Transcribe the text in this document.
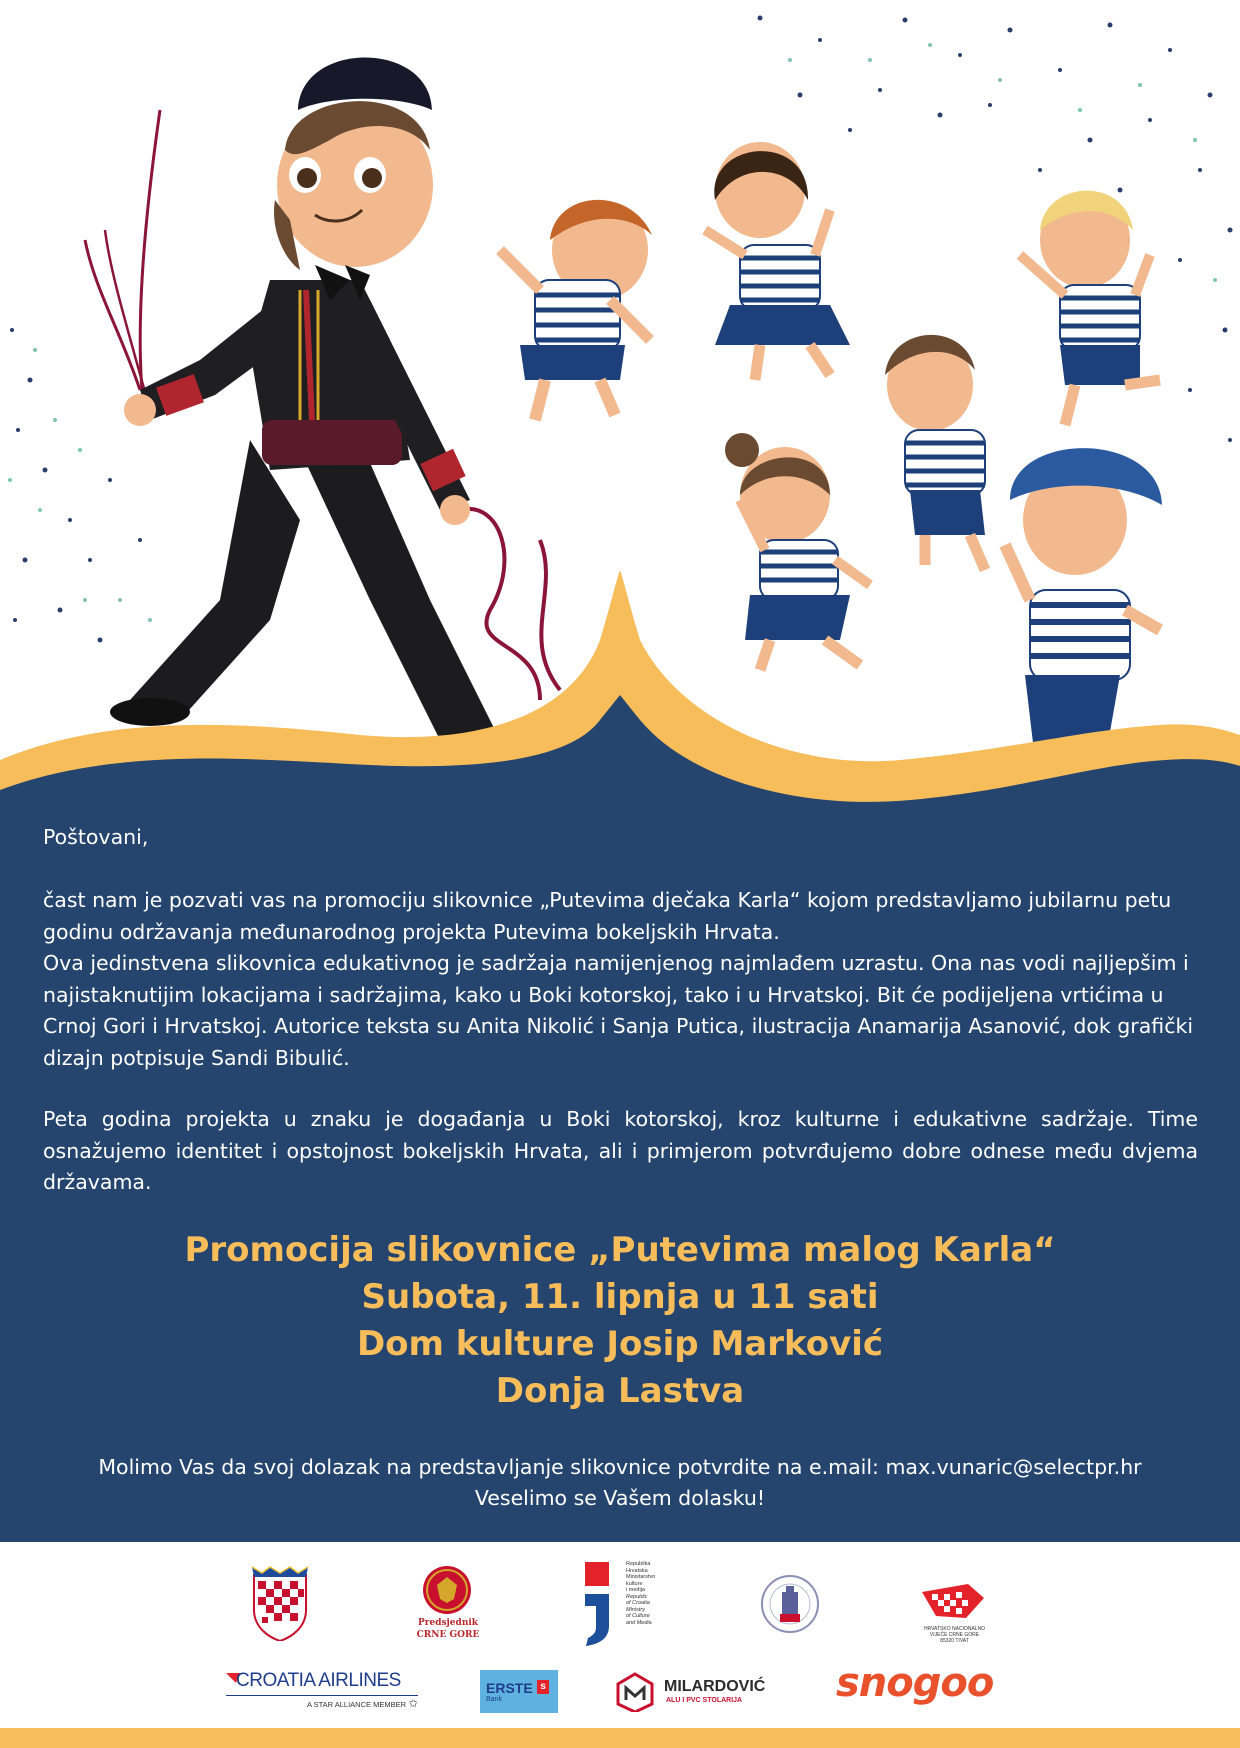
Poštovani,
čast nam je pozvati vas na promociju slikovnice „Putevima dječaka Karla“ kojom predstavljamo jubilarnu petu godinu održavanja međunarodnog projekta Putevima bokeljskih Hrvata.
Ova jedinstvena slikovnica edukativnog je sadržaja namijenjenog najmlađem uzrastu. Ona nas vodi najljepšim i najistaknutijim lokacijama i sadržajima, kako u Boki kotorskoj, tako i u Hrvatskoj. Bit će podijeljena vrtićima u Crnoj Gori i Hrvatskoj. Autorice teksta su Anita Nikolić i Sanja Putica, ilustracija Anamarija Asanović, dok grafički dizajn potpisuje Sandi Bibulić.
Peta godina projekta u znaku je događanja u Boki kotorskoj, kroz kulturne i edukativne sadržaje. Time osnažujemo identitet i opstojnost bokeljskih Hrvata, ali i primjerom potvrđujemo dobre odnese među dvjema državama.
Promocija slikovnice „Putevima malog Karla“
Subota, 11. lipnja u 11 sati
Dom kulture Josip Marković
Donja Lastva
Molimo Vas da svoj dolazak na predstavljanje slikovnice potvrdite na e.mail: max.vunaric@selectpr.hr
Veselimo se Vašem dolasku!
Predsjednik
CRNE GORE
Republika
Hrvatska
Ministarstvo
kulture
i medija
Republic
of Croatia
Ministry
of Culture
and Media
HRVATSKO NACIONALNO
VIJEĆE CRNE GORE
85320 TIVAT
CROATIA AIRLINES
A STAR ALLIANCE MEMBER ✩
ERSTE s
Bank
MILARDOVIĆ
ALU I PVC STOLARIJA snogoo
